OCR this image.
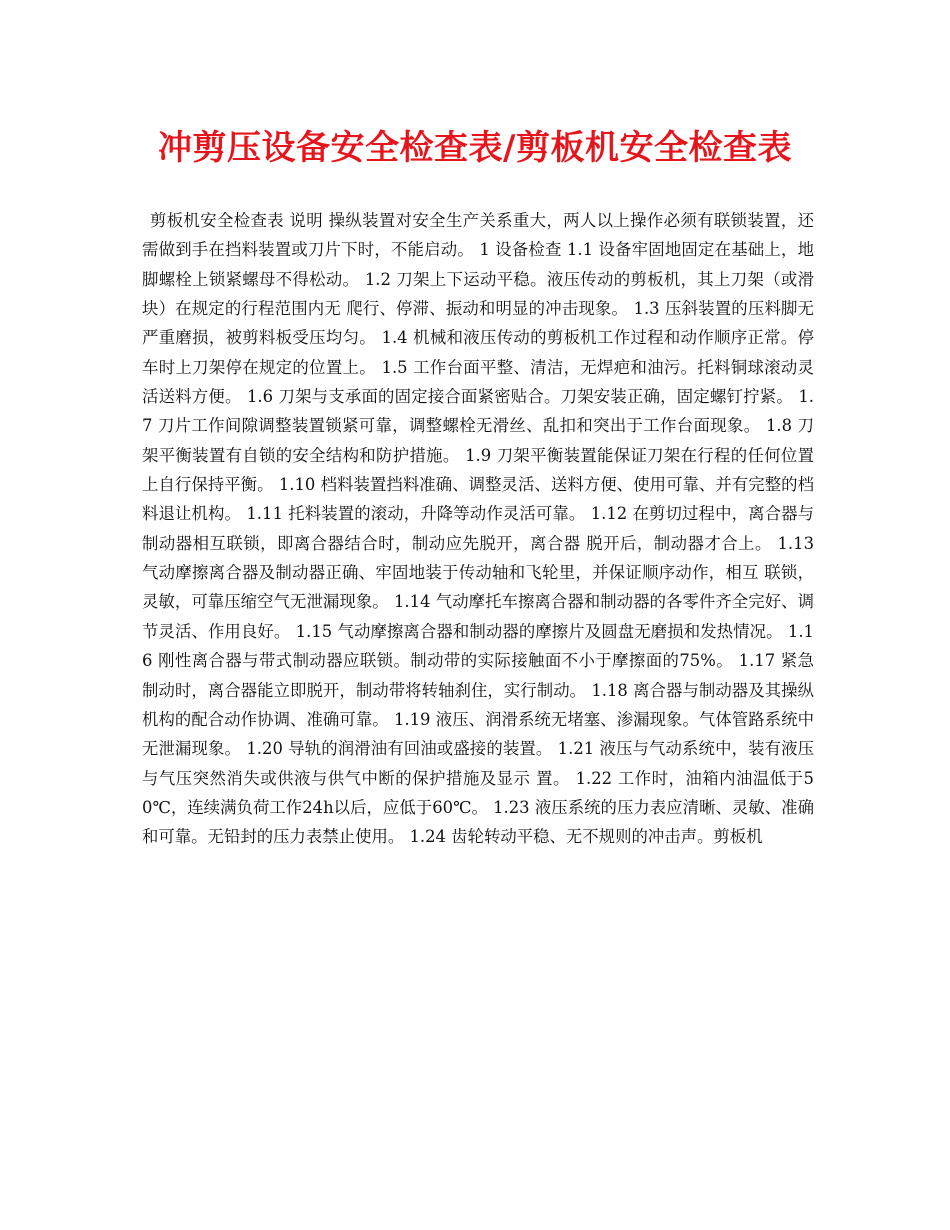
冲剪压设备安全检查表/剪板机安全检查表

剪板机安全检查表 说明 操纵装置对安全生产关系重大，两人以上操作必须有联锁装置，还需做到手在挡料装置或刀片下时，不能启动。 1 设备检查 1.1 设备牢固地固定在基础上，地脚螺栓上锁紧螺母不得松动。 1.2 刀架上下运动平稳。液压传动的剪板机，其上刀架（或滑块）在规定的行程范围内无 爬行、停滞、振动和明显的冲击现象。 1.3 压斜装置的压料脚无严重磨损，被剪料板受压均匀。 1.4 机械和液压传动的剪板机工作过程和动作顺序正常。停车时上刀架停在规定的位置上。 1.5 工作台面平整、清洁，无焊疤和油污。托料铜球滚动灵活送料方便。 1.6 刀架与支承面的固定接合面紧密贴合。刀架安装正确，固定螺钉拧紧。 1.7 刀片工作间隙调整装置锁紧可靠，调整螺栓无滑丝、乱扣和突出于工作台面现象。 1.8 刀架平衡装置有自锁的安全结构和防护措施。 1.9 刀架平衡装置能保证刀架在行程的任何位置上自行保持平衡。 1.10 档料装置挡料准确、调整灵活、送料方便、使用可靠、并有完整的档料退让机构。 1.11 托料装置的滚动，升降等动作灵活可靠。 1.12 在剪切过程中，离合器与制动器相互联锁，即离合器结合时，制动应先脱开，离合器 脱开后，制动器才合上。 1.13 气动摩擦离合器及制动器正确、牢固地装于传动轴和飞轮里，并保证顺序动作，相互 联锁，灵敏，可靠压缩空气无泄漏现象。 1.14 气动摩托车擦离合器和制动器的各零件齐全完好、调节灵活、作用良好。 1.15 气动摩擦离合器和制动器的摩擦片及圆盘无磨损和发热情况。 1.16 刚性离合器与带式制动器应联锁。制动带的实际接触面不小于摩擦面的75%。 1.17 紧急制动时，离合器能立即脱开，制动带将转轴刹住，实行制动。 1.18 离合器与制动器及其操纵机构的配合动作协调、准确可靠。 1.19 液压、润滑系统无堵塞、渗漏现象。气体管路系统中无泄漏现象。 1.20 导轨的润滑油有回油或盛接的装置。 1.21 液压与气动系统中，装有液压与气压突然消失或供液与供气中断的保护措施及显示 置。 1.22 工作时，油箱内油温低于50℃，连续满负荷工作24h以后，应低于60℃。 1.23 液压系统的压力表应清晰、灵敏、准确和可靠。无铅封的压力表禁止使用。 1.24 齿轮转动平稳、无不规则的冲击声。剪板机
